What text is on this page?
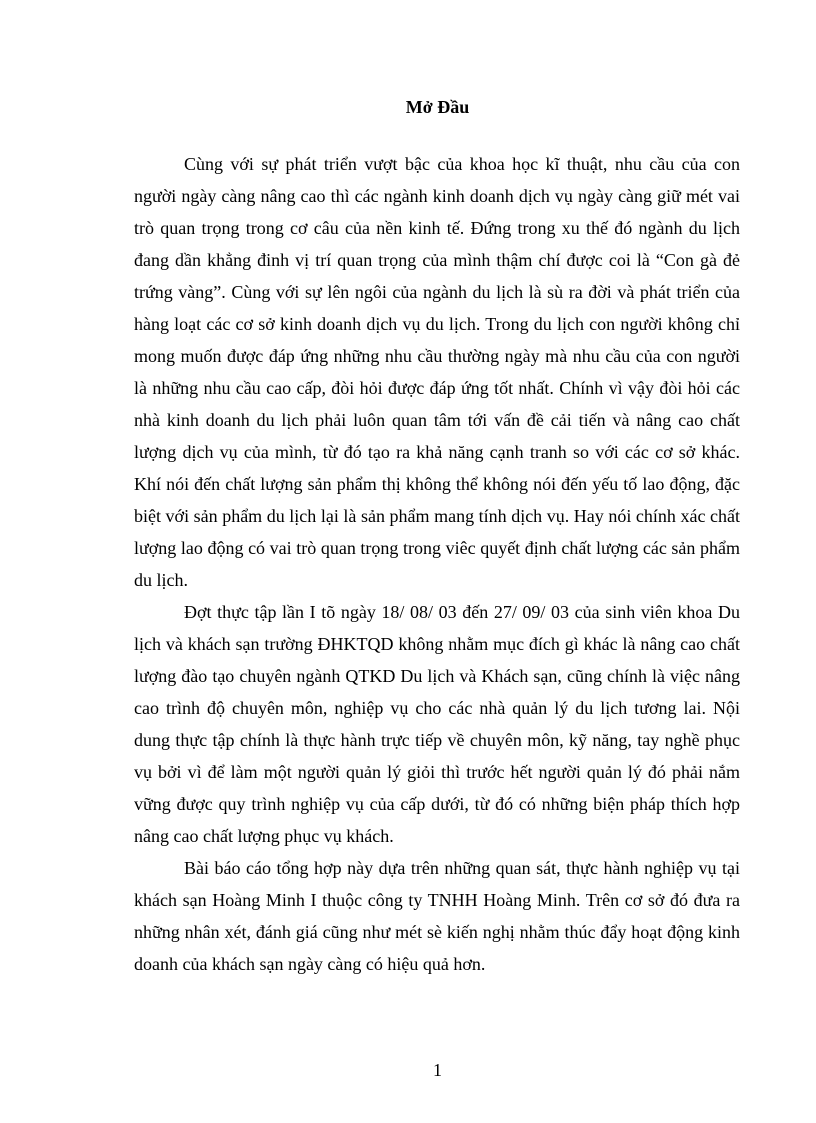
Mở Đầu

Cùng với sự phát triển vượt bậc của khoa học kĩ thuật, nhu cầu của con người ngày càng nâng cao thì các ngành kinh doanh dịch vụ ngày càng giữ mét vai trò quan trọng trong cơ câu của nền kinh tế. Đứng trong xu thế đó ngành du lịch đang dần khẳng đinh vị trí quan trọng của mình thậm chí được coi là “Con gà đẻ trứng vàng”. Cùng với sự lên ngôi của ngành du lịch là sù ra đời và phát triển của hàng loạt các cơ sở kinh doanh dịch vụ du lịch. Trong du lịch con người không chỉ mong muốn được đáp ứng những nhu cầu thường ngày mà nhu cầu của con người là những nhu cầu cao cấp, đòi hỏi được đáp ứng tốt nhất. Chính vì vậy đòi hỏi các nhà kinh doanh du lịch phải luôn quan tâm tới vấn đề cải tiến và nâng cao chất lượng dịch vụ của mình, từ đó tạo ra khả năng cạnh tranh so với các cơ sở khác. Khí nói đến chất lượng sản phẩm thị không thể không nói đến yếu tố lao động, đặc biệt với sản phẩm du lịch lại là sản phẩm mang tính dịch vụ. Hay nói chính xác chất lượng lao động có vai trò quan trọng trong viêc quyết định chất lượng các sản phẩm du lịch.

Đợt thực tập lần I tõ ngày 18/ 08/ 03 đến 27/ 09/ 03 của sinh viên khoa Du lịch và khách sạn trường ĐHKTQD không nhằm mục đích gì khác là nâng cao chất lượng đào tạo chuyên ngành QTKD Du lịch và Khách sạn, cũng chính là việc nâng cao trình độ chuyên môn, nghiệp vụ cho các nhà quản lý du lịch tương lai. Nội dung thực tập chính là thực hành trực tiếp về chuyên môn, kỹ năng, tay nghề phục vụ bởi vì để làm một người quản lý giỏi thì trước hết người quản lý đó phải nắm vững được quy trình nghiệp vụ của cấp dưới, từ đó có những biện pháp thích hợp nâng cao chất lượng phục vụ khách.

Bài báo cáo tổng hợp này dựa trên những quan sát, thực hành nghiệp vụ tại khách sạn Hoàng Minh I thuộc công ty TNHH Hoàng Minh. Trên cơ sở đó đưa ra những nhân xét, đánh giá cũng như mét sè kiến nghị nhằm thúc đẩy hoạt động kinh doanh của khách sạn ngày càng có hiệu quả hơn.

1
